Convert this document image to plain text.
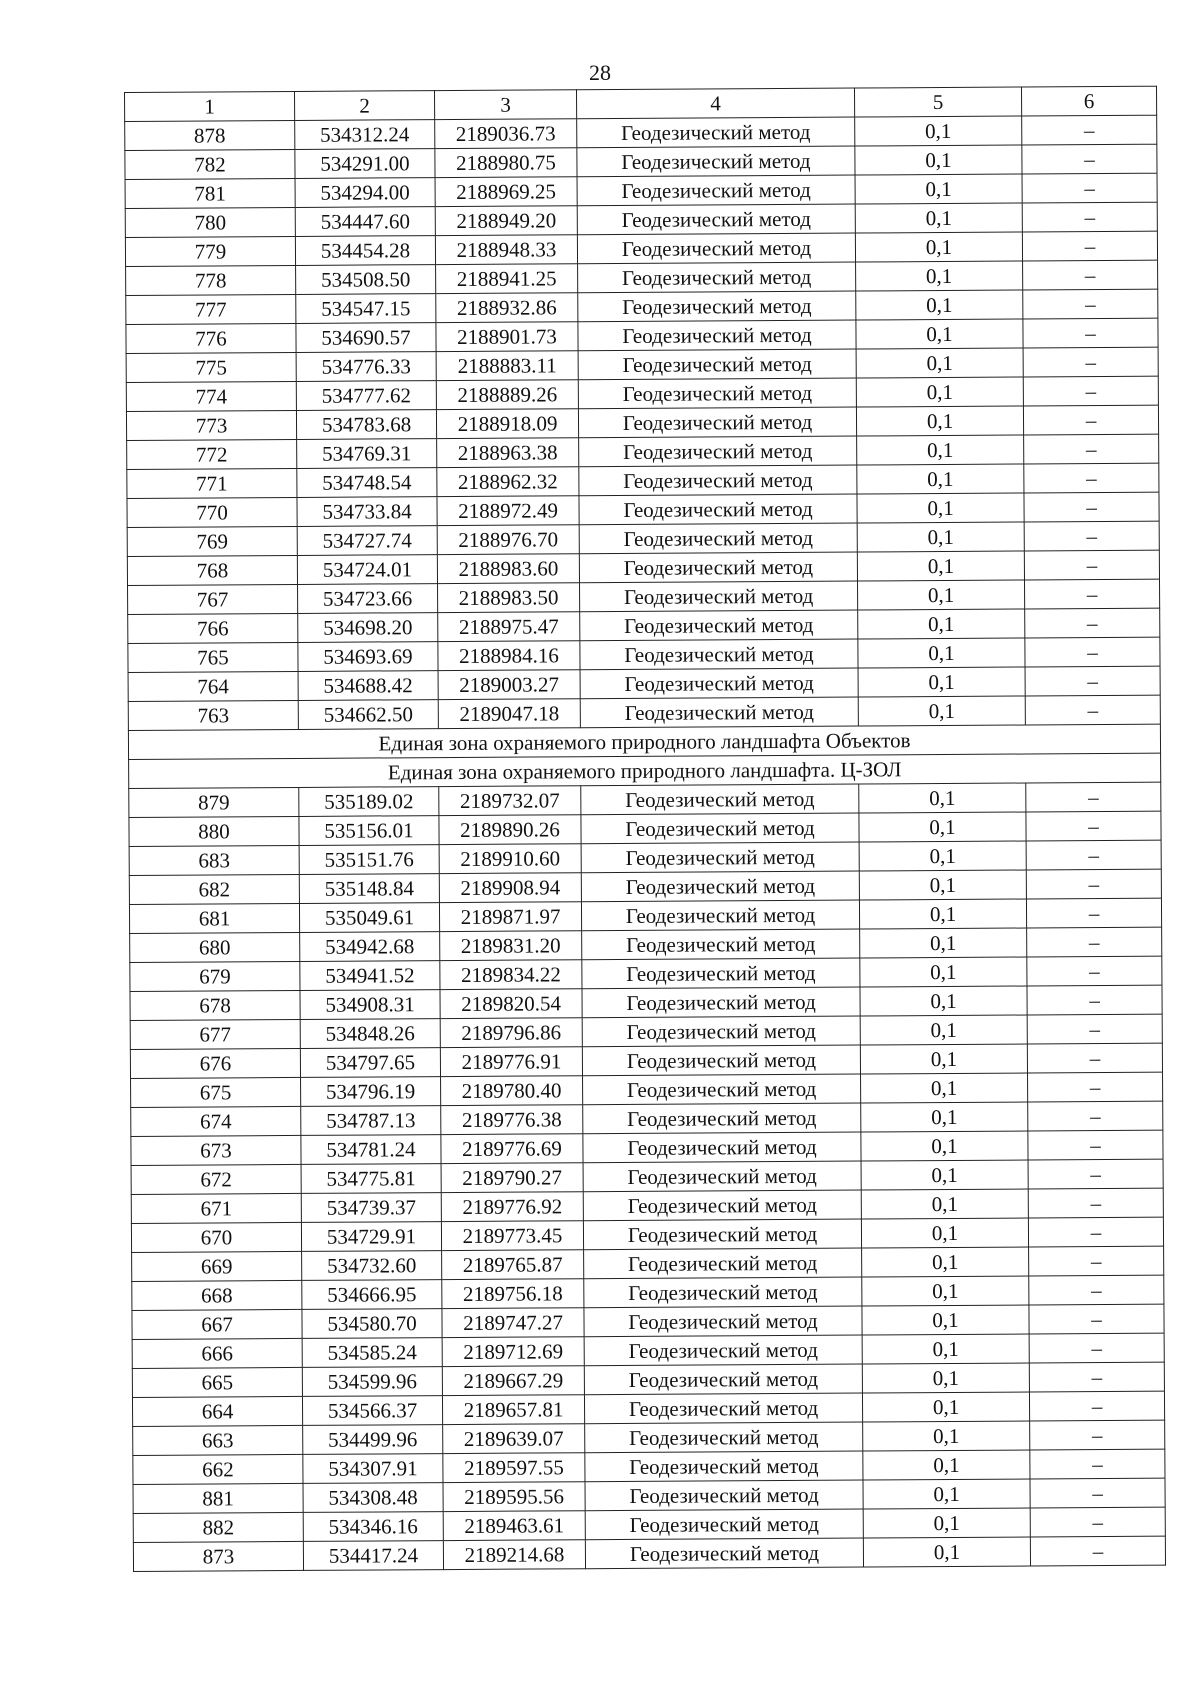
28
1	2	3	4	5	6
878	534312.24	2189036.73	Геодезический метод	0,1	–
782	534291.00	2188980.75	Геодезический метод	0,1	–
781	534294.00	2188969.25	Геодезический метод	0,1	–
780	534447.60	2188949.20	Геодезический метод	0,1	–
779	534454.28	2188948.33	Геодезический метод	0,1	–
778	534508.50	2188941.25	Геодезический метод	0,1	–
777	534547.15	2188932.86	Геодезический метод	0,1	–
776	534690.57	2188901.73	Геодезический метод	0,1	–
775	534776.33	2188883.11	Геодезический метод	0,1	–
774	534777.62	2188889.26	Геодезический метод	0,1	–
773	534783.68	2188918.09	Геодезический метод	0,1	–
772	534769.31	2188963.38	Геодезический метод	0,1	–
771	534748.54	2188962.32	Геодезический метод	0,1	–
770	534733.84	2188972.49	Геодезический метод	0,1	–
769	534727.74	2188976.70	Геодезический метод	0,1	–
768	534724.01	2188983.60	Геодезический метод	0,1	–
767	534723.66	2188983.50	Геодезический метод	0,1	–
766	534698.20	2188975.47	Геодезический метод	0,1	–
765	534693.69	2188984.16	Геодезический метод	0,1	–
764	534688.42	2189003.27	Геодезический метод	0,1	–
763	534662.50	2189047.18	Геодезический метод	0,1	–
Единая зона охраняемого природного ландшафта Объектов					
Единая зона охраняемого природного ландшафта. Ц-ЗОЛ					
879	535189.02	2189732.07	Геодезический метод	0,1	–
880	535156.01	2189890.26	Геодезический метод	0,1	–
683	535151.76	2189910.60	Геодезический метод	0,1	–
682	535148.84	2189908.94	Геодезический метод	0,1	–
681	535049.61	2189871.97	Геодезический метод	0,1	–
680	534942.68	2189831.20	Геодезический метод	0,1	–
679	534941.52	2189834.22	Геодезический метод	0,1	–
678	534908.31	2189820.54	Геодезический метод	0,1	–
677	534848.26	2189796.86	Геодезический метод	0,1	–
676	534797.65	2189776.91	Геодезический метод	0,1	–
675	534796.19	2189780.40	Геодезический метод	0,1	–
674	534787.13	2189776.38	Геодезический метод	0,1	–
673	534781.24	2189776.69	Геодезический метод	0,1	–
672	534775.81	2189790.27	Геодезический метод	0,1	–
671	534739.37	2189776.92	Геодезический метод	0,1	–
670	534729.91	2189773.45	Геодезический метод	0,1	–
669	534732.60	2189765.87	Геодезический метод	0,1	–
668	534666.95	2189756.18	Геодезический метод	0,1	–
667	534580.70	2189747.27	Геодезический метод	0,1	–
666	534585.24	2189712.69	Геодезический метод	0,1	–
665	534599.96	2189667.29	Геодезический метод	0,1	–
664	534566.37	2189657.81	Геодезический метод	0,1	–
663	534499.96	2189639.07	Геодезический метод	0,1	–
662	534307.91	2189597.55	Геодезический метод	0,1	–
881	534308.48	2189595.56	Геодезический метод	0,1	–
882	534346.16	2189463.61	Геодезический метод	0,1	–
873	534417.24	2189214.68	Геодезический метод	0,1	–
